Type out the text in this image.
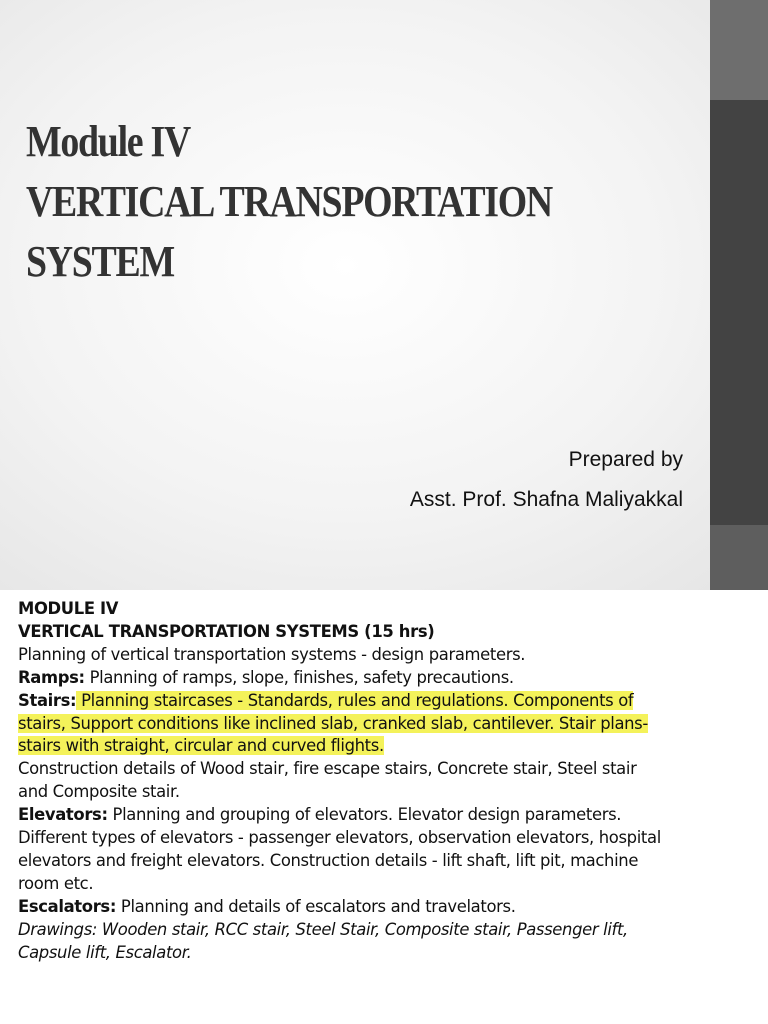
Module IV
VERTICAL TRANSPORTATION
SYSTEM
Prepared by
Asst. Prof. Shafna Maliyakkal
MODULE IV
VERTICAL TRANSPORTATION SYSTEMS (15 hrs)
Planning of vertical transportation systems - design parameters.
Ramps: Planning of ramps, slope, finishes, safety precautions.
Stairs: Planning staircases - Standards, rules and regulations. Components of
stairs, Support conditions like inclined slab, cranked slab, cantilever. Stair plans-
stairs with straight, circular and curved flights.
Construction details of Wood stair, fire escape stairs, Concrete stair, Steel stair
and Composite stair.
Elevators: Planning and grouping of elevators. Elevator design parameters.
Different types of elevators - passenger elevators, observation elevators, hospital
elevators and freight elevators. Construction details - lift shaft, lift pit, machine
room etc.
Escalators: Planning and details of escalators and travelators.
Drawings: Wooden stair, RCC stair, Steel Stair, Composite stair, Passenger lift,
Capsule lift, Escalator.
